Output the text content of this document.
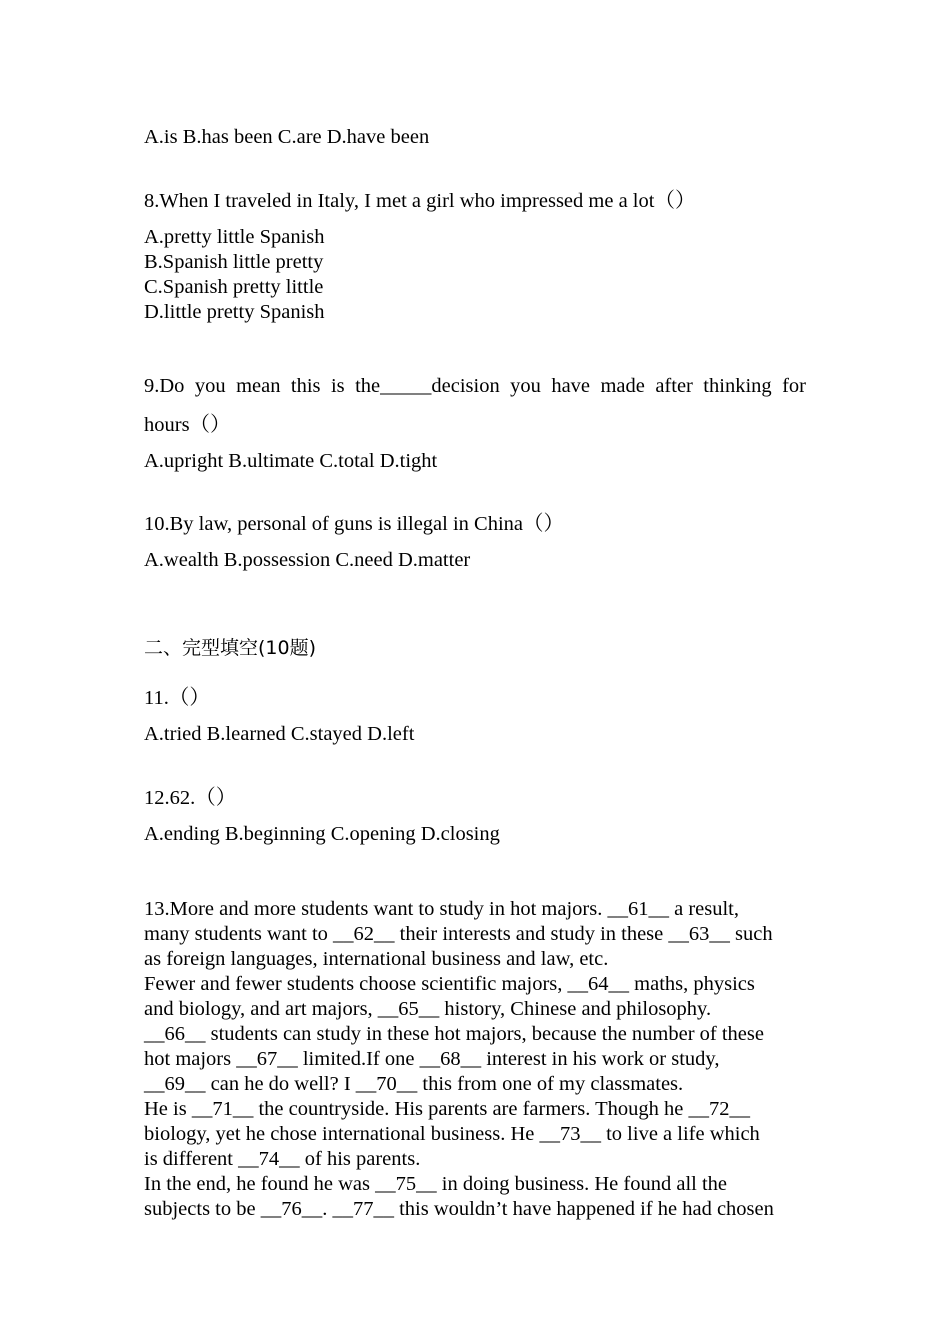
A.is B.has been C.are D.have been
8.When I traveled in Italy, I met a girl who impressed me a lot（）
A.pretty little Spanish
B.Spanish little pretty
C.Spanish pretty little
D.little pretty Spanish
9.Do you mean this is the_____decision you have made after thinking for
hours（）
A.upright B.ultimate C.total D.tight
10.By law, personal of guns is illegal in China（）
A.wealth B.possession C.need D.matter
二、完型填空(10题)
11.（）
A.tried B.learned C.stayed D.left
12.62.（）
A.ending B.beginning C.opening D.closing
13.More and more students want to study in hot majors. __61__ a result,
many students want to __62__ their interests and study in these __63__ such
as foreign languages, international business and law, etc.
Fewer and fewer students choose scientific majors, __64__ maths, physics
and biology, and art majors, __65__ history, Chinese and philosophy.
__66__ students can study in these hot majors, because the number of these
hot majors __67__ limited.If one __68__ interest in his work or study,
__69__ can he do well? I __70__ this from one of my classmates.
He is __71__ the countryside. His parents are farmers. Though he __72__
biology, yet he chose international business. He __73__ to live a life which
is different __74__ of his parents.
In the end, he found he was __75__ in doing business. He found all the
subjects to be __76__. __77__ this wouldn’t have happened if he had chosen
